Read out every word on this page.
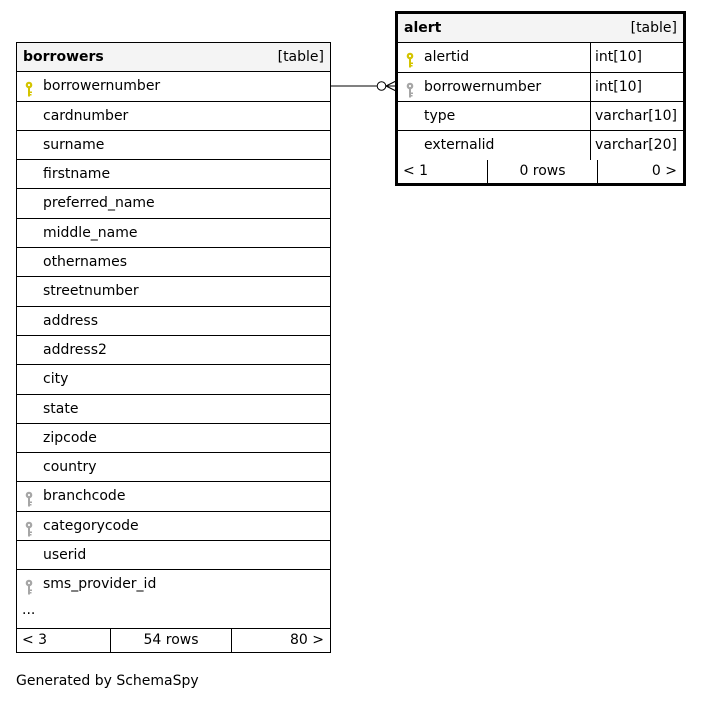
borrowers	[table]
borrowernumber
cardnumber
surname
firstname
preferred_name
middle_name
othernames
streetnumber
address
address2
city
state
zipcode
country
branchcode
categorycode
userid
sms_provider_id
...
< 3	54 rows	80 >
alert	[table]
alertid	int[10]
borrowernumber	int[10]
type	varchar[10]
externalid	varchar[20]
< 1	0 rows	0 >
Generated by SchemaSpy
